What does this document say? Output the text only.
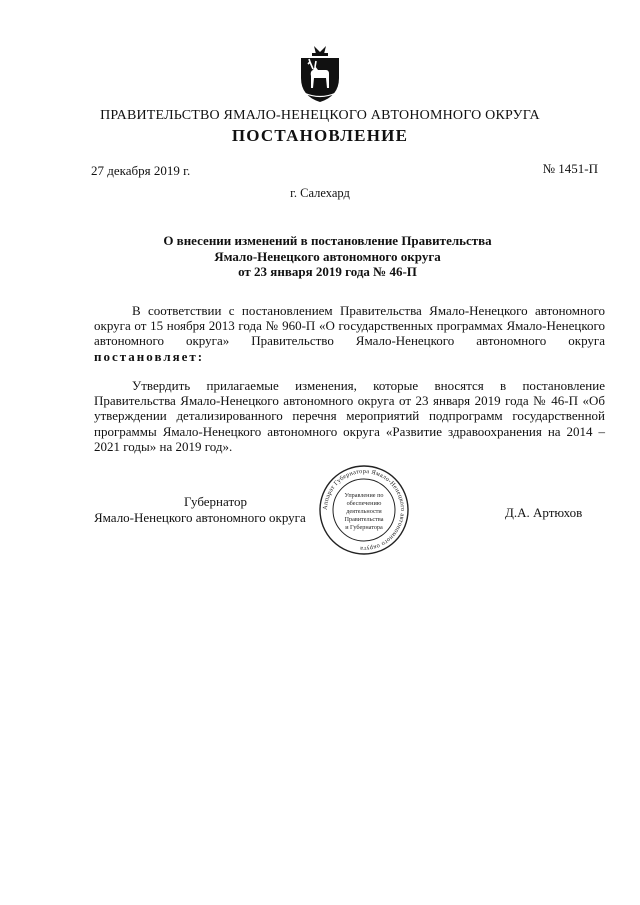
ПРАВИТЕЛЬСТВО ЯМАЛО-НЕНЕЦКОГО АВТОНОМНОГО ОКРУГА
ПОСТАНОВЛЕНИЕ
27 декабря 2019 г.	№ 1451-П
г. Салехард
О внесении изменений в постановление Правительства
Ямало-Ненецкого автономного округа
от 23 января 2019 года № 46-П

В соответствии с постановлением Правительства Ямало-Ненецкого автономного округа от 15 ноября 2013 года № 960-П «О государственных программах Ямало-Ненецкого автономного округа» Правительство Ямало-Ненецкого автономного округа постановляет:

Утвердить прилагаемые изменения, которые вносятся в постановление Правительства Ямало-Ненецкого автономного округа от 23 января 2019 года № 46-П «Об утверждении детализированного перечня мероприятий подпрограмм государственной программы Ямало-Ненецкого автономного округа «Развитие здравоохранения на 2014 – 2021 годы» на 2019 год».

Губернатор
Ямало-Ненецкого автономного округа	Д.А. Артюхов
Аппарат Губернатора Ямало-Ненецкого автономного округа
Управление по
обеспечению
деятельности
Правительства
и Губернатора
